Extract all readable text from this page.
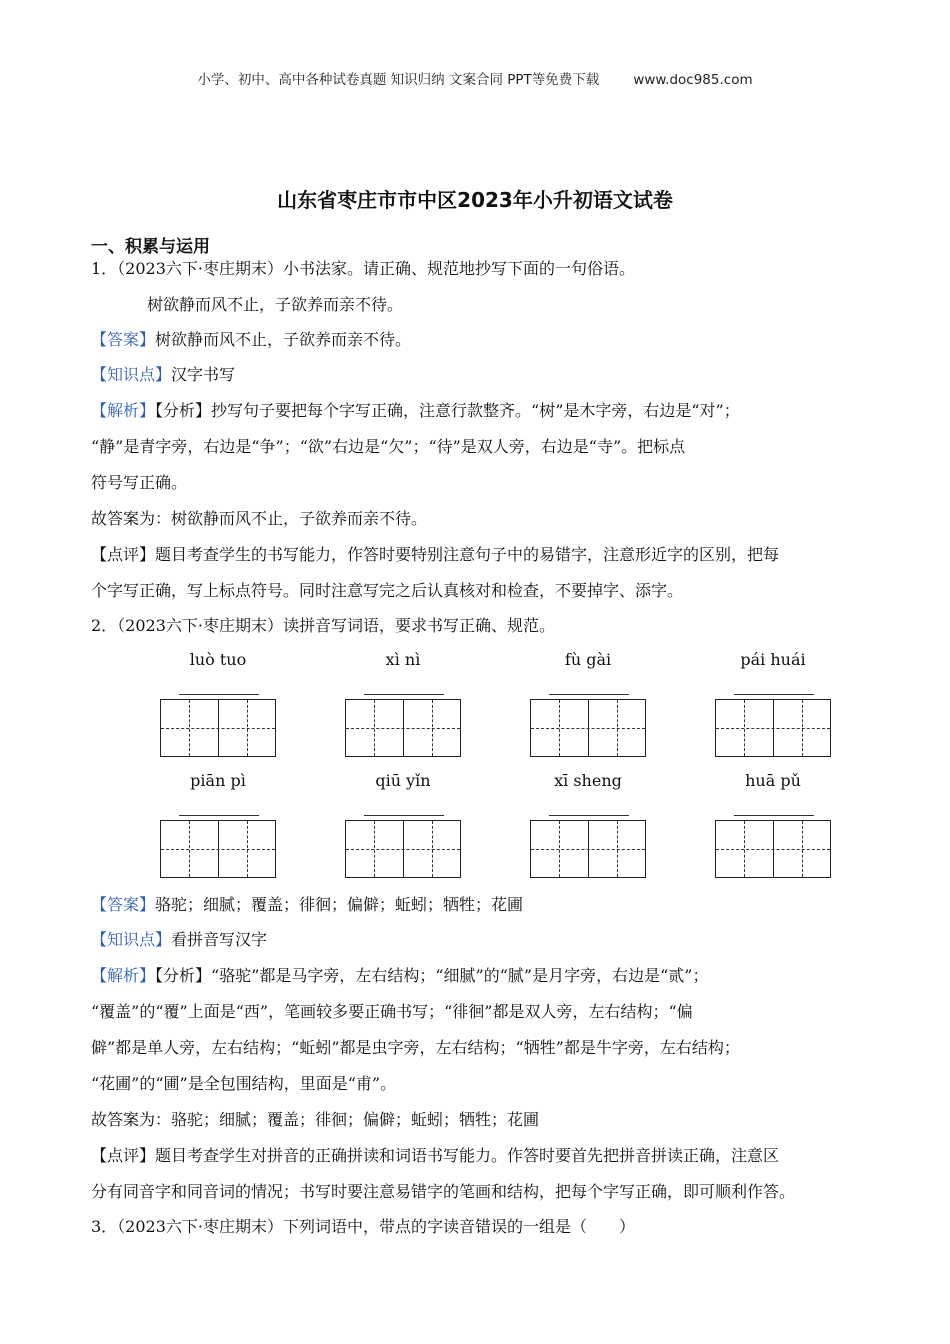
小学、初中、高中各种试卷真题 知识归纳 文案合同 PPT等免费下载	www.doc985.com
山东省枣庄市市中区2023年小升初语文试卷
一、积累与运用
1．（2023六下·枣庄期末）小书法家。请正确、规范地抄写下面的一句俗语。
树欲静而风不止，子欲养而亲不待。
【答案】树欲静而风不止，子欲养而亲不待。
【知识点】汉字书写
【解析】【分析】抄写句子要把每个字写正确，注意行款整齐。“树”是木字旁，右边是“对”；
“静”是青字旁，右边是“争”；“欲”右边是“欠”；“待”是双人旁，右边是“寺”。把标点
符号写正确。
故答案为：树欲静而风不止，子欲养而亲不待。
【点评】题目考查学生的书写能力，作答时要特别注意句子中的易错字，注意形近字的区别，把每
个字写正确，写上标点符号。同时注意写完之后认真核对和检查，不要掉字、添字。
2．（2023六下·枣庄期末）读拼音写词语，要求书写正确、规范。
luò tuo	xì nì	fù gài	pái huái
piān pì	qiū yǐn	xī sheng	huā pǔ
【答案】骆驼；细腻；覆盖；徘徊；偏僻；蚯蚓；牺牲；花圃
【知识点】看拼音写汉字
【解析】【分析】“骆驼”都是马字旁，左右结构；“细腻”的“腻”是月字旁，右边是“贰”；
“覆盖”的“覆”上面是“西”，笔画较多要正确书写；“徘徊”都是双人旁，左右结构；“偏
僻”都是单人旁，左右结构；“蚯蚓”都是虫字旁，左右结构；“牺牲”都是牛字旁，左右结构；
“花圃”的“圃”是全包围结构，里面是“甫”。
故答案为：骆驼；细腻；覆盖；徘徊；偏僻；蚯蚓；牺牲；花圃
【点评】题目考查学生对拼音的正确拼读和词语书写能力。作答时要首先把拼音拼读正确，注意区
分有同音字和同音词的情况；书写时要注意易错字的笔画和结构，把每个字写正确，即可顺利作答。
3．（2023六下·枣庄期末）下列词语中，带点的字读音错误的一组是（　　）
